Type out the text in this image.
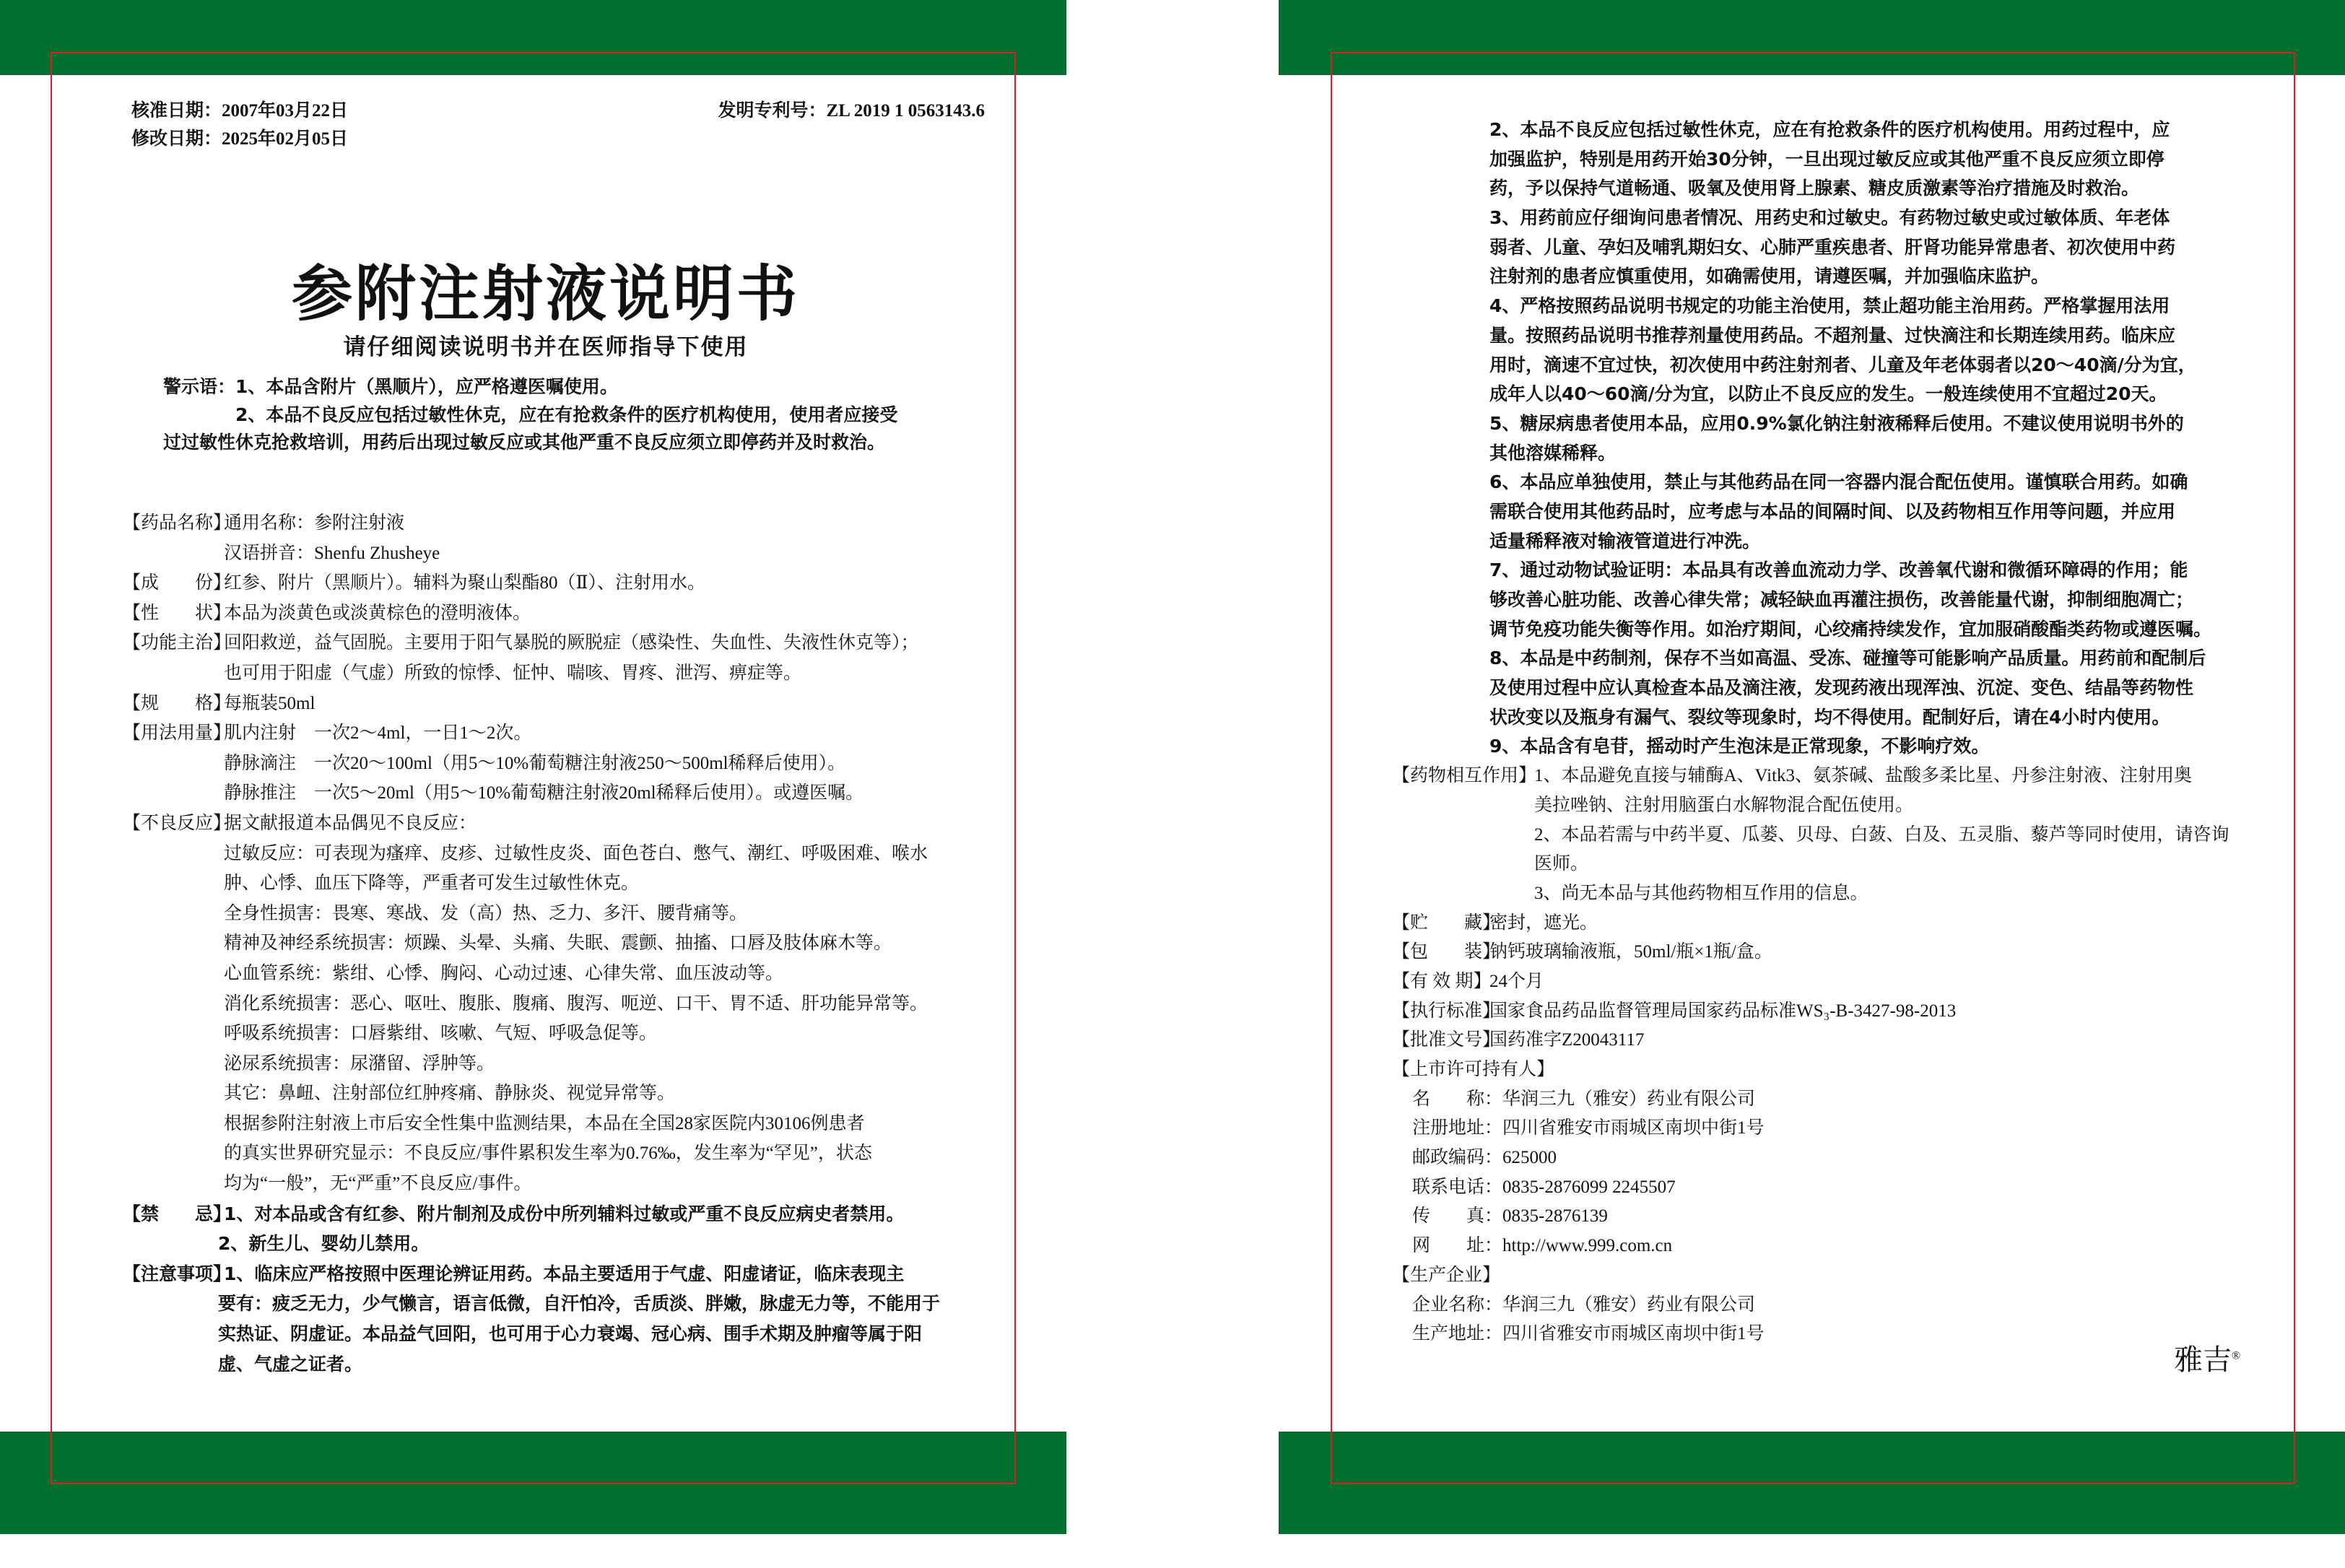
核准日期：2007年03月22日
修改日期：2025年02月05日
发明专利号：ZL 2019 1 0563143.6
参附注射液说明书
请仔细阅读说明书并在医师指导下使用
警示语：1、本品含附片（黑顺片），应严格遵医嘱使用。
2、本品不良反应包括过敏性休克，应在有抢救条件的医疗机构使用，使用者应接受
过过敏性休克抢救培训，用药后出现过敏反应或其他严重不良反应须立即停药并及时救治。
【药品名称】
通用名称：参附注射液
汉语拼音：Shenfu Zhusheye
【成　　份】
红参、附片（黑顺片）。辅料为聚山梨酯80（Ⅱ）、注射用水。
【性　　状】
本品为淡黄色或淡黄棕色的澄明液体。
【功能主治】
回阳救逆，益气固脱。主要用于阳气暴脱的厥脱症（感染性、失血性、失液性休克等）；
也可用于阳虚（气虚）所致的惊悸、怔忡、喘咳、胃疼、泄泻、痹症等。
【规　　格】
每瓶装50ml
【用法用量】
肌内注射　一次2～4ml，一日1～2次。
静脉滴注　一次20～100ml（用5～10%葡萄糖注射液250～500ml稀释后使用）。
静脉推注　一次5～20ml（用5～10%葡萄糖注射液20ml稀释后使用）。或遵医嘱。
【不良反应】
据文献报道本品偶见不良反应：
过敏反应：可表现为瘙痒、皮疹、过敏性皮炎、面色苍白、憋气、潮红、呼吸困难、喉水
肿、心悸、血压下降等，严重者可发生过敏性休克。
全身性损害：畏寒、寒战、发（高）热、乏力、多汗、腰背痛等。
精神及神经系统损害：烦躁、头晕、头痛、失眠、震颤、抽搐、口唇及肢体麻木等。
心血管系统：紫绀、心悸、胸闷、心动过速、心律失常、血压波动等。
消化系统损害：恶心、呕吐、腹胀、腹痛、腹泻、呃逆、口干、胃不适、肝功能异常等。
呼吸系统损害：口唇紫绀、咳嗽、气短、呼吸急促等。
泌尿系统损害：尿潴留、浮肿等。
其它：鼻衄、注射部位红肿疼痛、静脉炎、视觉异常等。
根据参附注射液上市后安全性集中监测结果，本品在全国28家医院内30106例患者
的真实世界研究显示：不良反应/事件累积发生率为0.76‰，发生率为“罕见”，状态
均为“一般”，无“严重”不良反应/事件。
【禁　　忌】
1、对本品或含有红参、附片制剂及成份中所列辅料过敏或严重不良反应病史者禁用。
2、新生儿、婴幼儿禁用。
【注意事项】
1、临床应严格按照中医理论辨证用药。本品主要适用于气虚、阳虚诸证，临床表现主
要有：疲乏无力，少气懒言，语言低微，自汗怕冷，舌质淡、胖嫩，脉虚无力等，不能用于
实热证、阴虚证。本品益气回阳，也可用于心力衰竭、冠心病、围手术期及肿瘤等属于阳
虚、气虚之证者。
2、本品不良反应包括过敏性休克，应在有抢救条件的医疗机构使用。用药过程中，应
加强监护，特别是用药开始30分钟，一旦出现过敏反应或其他严重不良反应须立即停
药，予以保持气道畅通、吸氧及使用肾上腺素、糖皮质激素等治疗措施及时救治。
3、用药前应仔细询问患者情况、用药史和过敏史。有药物过敏史或过敏体质、年老体
弱者、儿童、孕妇及哺乳期妇女、心肺严重疾患者、肝肾功能异常患者、初次使用中药
注射剂的患者应慎重使用，如确需使用，请遵医嘱，并加强临床监护。
4、严格按照药品说明书规定的功能主治使用，禁止超功能主治用药。严格掌握用法用
量。按照药品说明书推荐剂量使用药品。不超剂量、过快滴注和长期连续用药。临床应
用时，滴速不宜过快，初次使用中药注射剂者、儿童及年老体弱者以20～40滴/分为宜，
成年人以40～60滴/分为宜，以防止不良反应的发生。一般连续使用不宜超过20天。
5、糖尿病患者使用本品，应用0.9%氯化钠注射液稀释后使用。不建议使用说明书外的
其他溶媒稀释。
6、本品应单独使用，禁止与其他药品在同一容器内混合配伍使用。谨慎联合用药。如确
需联合使用其他药品时，应考虑与本品的间隔时间、以及药物相互作用等问题，并应用
适量稀释液对输液管道进行冲洗。
7、通过动物试验证明：本品具有改善血流动力学、改善氧代谢和微循环障碍的作用；能
够改善心脏功能、改善心律失常；减轻缺血再灌注损伤，改善能量代谢，抑制细胞凋亡；
调节免疫功能失衡等作用。如治疗期间，心绞痛持续发作，宜加服硝酸酯类药物或遵医嘱。
8、本品是中药制剂，保存不当如高温、受冻、碰撞等可能影响产品质量。用药前和配制后
及使用过程中应认真检查本品及滴注液，发现药液出现浑浊、沉淀、变色、结晶等药物性
状改变以及瓶身有漏气、裂纹等现象时，均不得使用。配制好后，请在4小时内使用。
9、本品含有皂苷，摇动时产生泡沫是正常现象，不影响疗效。
【药物相互作用】
1、本品避免直接与辅酶A、Vitk3、氨茶碱、盐酸多柔比星、丹参注射液、注射用奥
美拉唑钠、注射用脑蛋白水解物混合配伍使用。
2、本品若需与中药半夏、瓜蒌、贝母、白蔹、白及、五灵脂、藜芦等同时使用，请咨询
医师。
3、尚无本品与其他药物相互作用的信息。
【贮　　藏】
密封，遮光。
【包　　装】
钠钙玻璃输液瓶，50ml/瓶×1瓶/盒。
【有 效 期】
24个月
【执行标准】
国家食品药品监督管理局国家药品标准WS₃-B-3427-98-2013
【批准文号】
国药准字Z20043117
【上市许可持有人】
名　　称：华润三九（雅安）药业有限公司
注册地址：四川省雅安市雨城区南坝中街1号
邮政编码：625000
联系电话：0835-2876099 2245507
传　　真：0835-2876139
网　　址：http://www.999.com.cn
【生产企业】
企业名称：华润三九（雅安）药业有限公司
生产地址：四川省雅安市雨城区南坝中街1号
雅吉®
